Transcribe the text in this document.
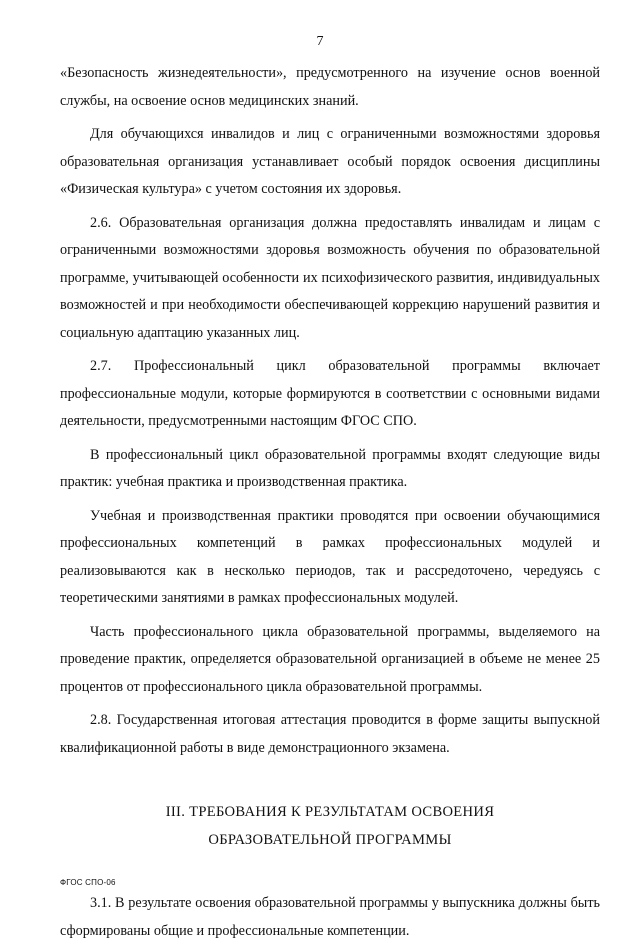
7

«Безопасность жизнедеятельности», предусмотренного на изучение основ военной службы, на освоение основ медицинских знаний.

Для обучающихся инвалидов и лиц с ограниченными возможностями здоровья образовательная организация устанавливает особый порядок освоения дисциплины «Физическая культура» с учетом состояния их здоровья.

2.6. Образовательная организация должна предоставлять инвалидам и лицам с ограниченными возможностями здоровья возможность обучения по образовательной программе, учитывающей особенности их психофизического развития, индивидуальных возможностей и при необходимости обеспечивающей коррекцию нарушений развития и социальную адаптацию указанных лиц.

2.7. Профессиональный цикл образовательной программы включает профессиональные модули, которые формируются в соответствии с основными видами деятельности, предусмотренными настоящим ФГОС СПО.

В профессиональный цикл образовательной программы входят следующие виды практик: учебная практика и производственная практика.

Учебная и производственная практики проводятся при освоении обучающимися профессиональных компетенций в рамках профессиональных модулей и реализовываются как в несколько периодов, так и рассредоточено, чередуясь с теоретическими занятиями в рамках профессиональных модулей.

Часть профессионального цикла образовательной программы, выделяемого на проведение практик, определяется образовательной организацией в объеме не менее 25 процентов от профессионального цикла образовательной программы.

2.8. Государственная итоговая аттестация проводится в форме защиты выпускной квалификационной работы в виде демонстрационного экзамена.

III. ТРЕБОВАНИЯ К РЕЗУЛЬТАТАМ ОСВОЕНИЯ
ОБРАЗОВАТЕЛЬНОЙ ПРОГРАММЫ

3.1. В результате освоения образовательной программы у выпускника должны быть сформированы общие и профессиональные компетенции.

ФГОС СПО-06
